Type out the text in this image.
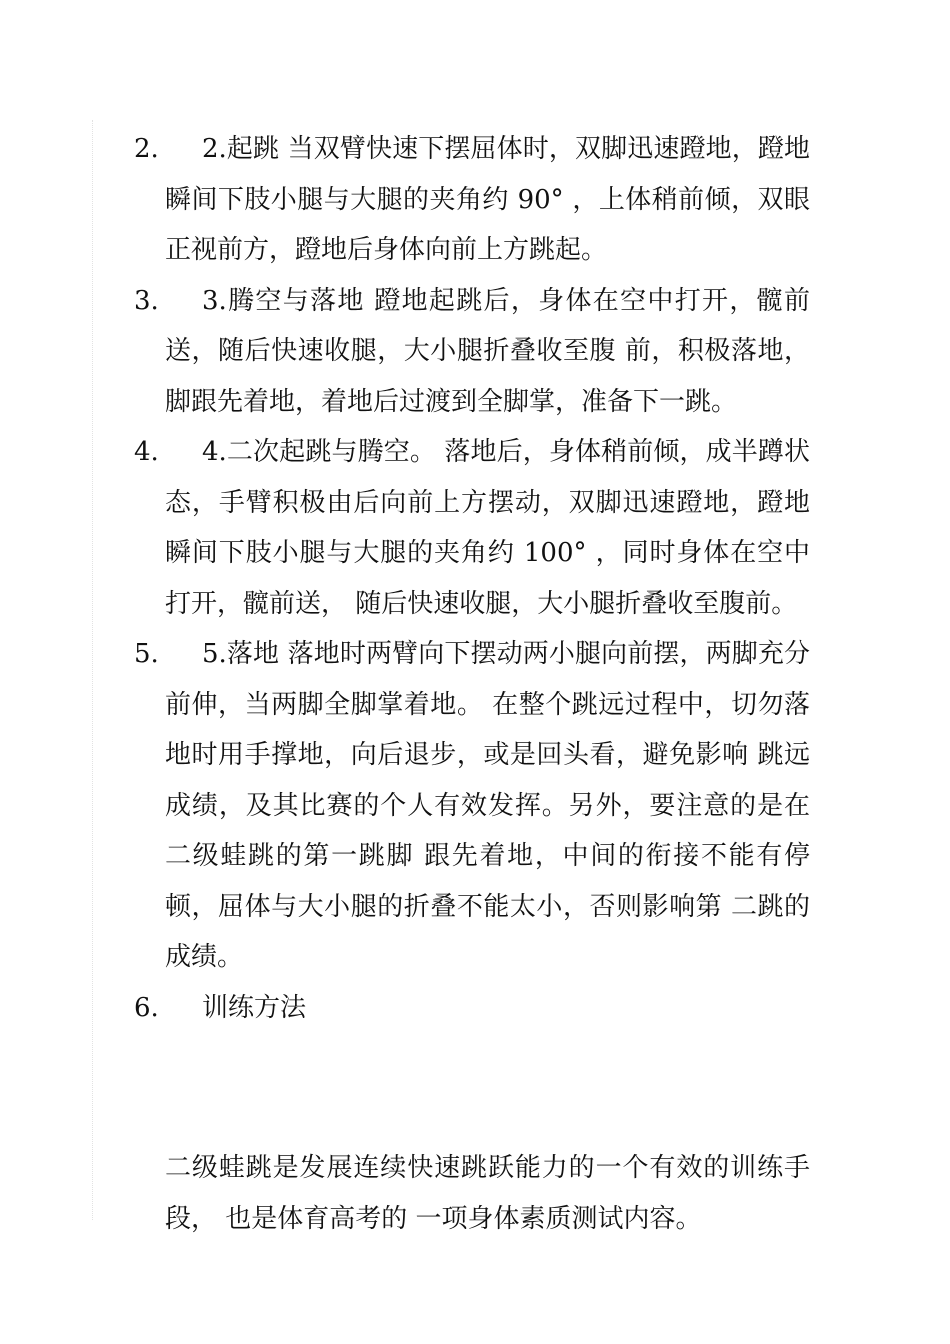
2. 2.起跳 当双臂快速下摆屈体时，双脚迅速蹬地，蹬地瞬间下肢小腿与大腿的夹角约 90° ，上体稍前倾，双眼正视前方，蹬地后身体向前上方跳起。
3. 3.腾空与落地 蹬地起跳后，身体在空中打开，髋前送，随后快速收腿，大小腿折叠收至腹 前，积极落地，脚跟先着地，着地后过渡到全脚掌，准备下一跳。
4. 4.二次起跳与腾空。 落地后，身体稍前倾，成半蹲状态，手臂积极由后向前上方摆动，双脚迅速蹬地，蹬地瞬间下肢小腿与大腿的夹角约 100° ，同时身体在空中打开，髋前送， 随后快速收腿，大小腿折叠收至腹前。
5. 5.落地 落地时两臂向下摆动两小腿向前摆，两脚充分前伸，当两脚全脚掌着地。 在整个跳远过程中，切勿落地时用手撑地，向后退步，或是回头看，避免影响 跳远成绩，及其比赛的个人有效发挥。另外，要注意的是在二级蛙跳的第一跳脚 跟先着地，中间的衔接不能有停顿，屈体与大小腿的折叠不能太小，否则影响第 二跳的成绩。
6. 训练方法

二级蛙跳是发展连续快速跳跃能力的一个有效的训练手段， 也是体育高考的 一项身体素质测试内容。
